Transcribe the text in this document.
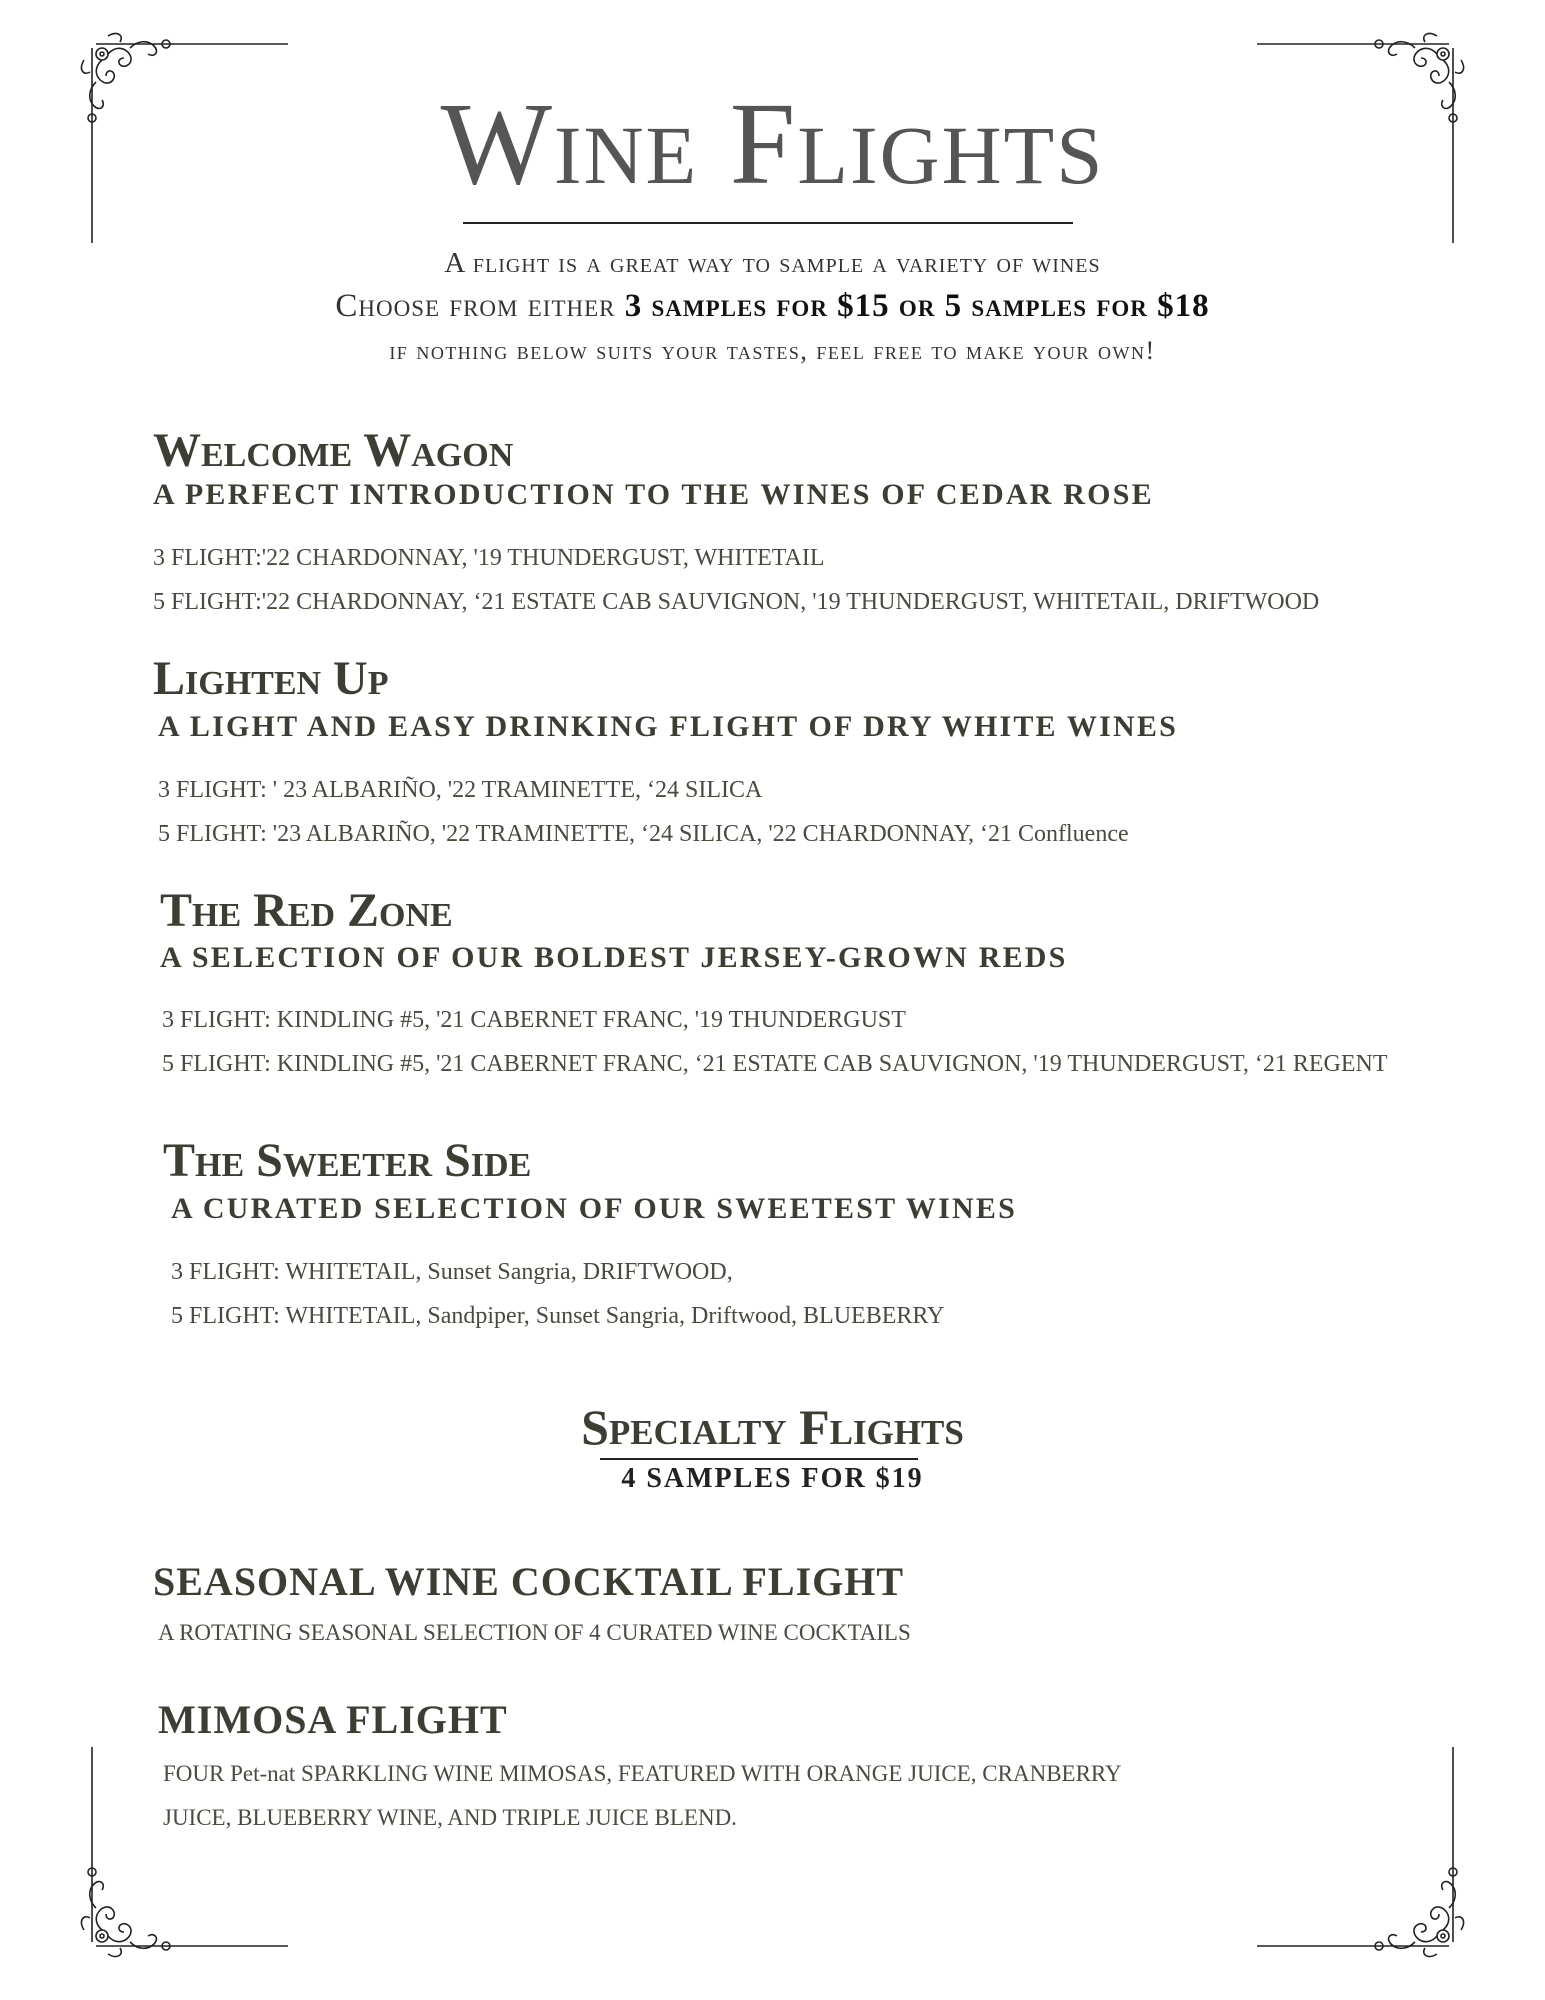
Wine Flights

A flight is a great way to sample a variety of wines

Choose from either 3 samples for $15 or 5 samples for $18

if nothing below suits your tastes, feel free to make your own!

Welcome Wagon
A PERFECT INTRODUCTION TO THE WINES OF CEDAR ROSE

3 FLIGHT:'22 CHARDONNAY, '19 THUNDERGUST, WHITETAIL

5 FLIGHT:'22 CHARDONNAY, ‘21 ESTATE CAB SAUVIGNON, '19 THUNDERGUST, WHITETAIL, DRIFTWOOD

Lighten Up
A LIGHT AND EASY DRINKING FLIGHT OF DRY WHITE WINES

3 FLIGHT: ' 23 ALBARIÑO, '22 TRAMINETTE, ‘24 SILICA

5 FLIGHT: '23 ALBARIÑO, '22 TRAMINETTE, ‘24 SILICA, '22 CHARDONNAY, ‘21 Confluence

The Red Zone
A SELECTION OF OUR BOLDEST JERSEY-GROWN REDS

3 FLIGHT: KINDLING #5, '21 CABERNET FRANC, '19 THUNDERGUST

5 FLIGHT: KINDLING #5, '21 CABERNET FRANC, ‘21 ESTATE CAB SAUVIGNON, '19 THUNDERGUST, ‘21 REGENT

The Sweeter Side
A CURATED SELECTION OF OUR SWEETEST WINES

3 FLIGHT: WHITETAIL, Sunset Sangria, DRIFTWOOD,

5 FLIGHT: WHITETAIL, Sandpiper, Sunset Sangria, Driftwood, BLUEBERRY

Specialty Flights

4 SAMPLES FOR $19

SEASONAL WINE COCKTAIL FLIGHT

A ROTATING SEASONAL SELECTION OF 4 CURATED WINE COCKTAILS

MIMOSA FLIGHT

FOUR Pet-nat SPARKLING WINE MIMOSAS, FEATURED WITH ORANGE JUICE, CRANBERRY

JUICE, BLUEBERRY WINE, AND TRIPLE JUICE BLEND.
